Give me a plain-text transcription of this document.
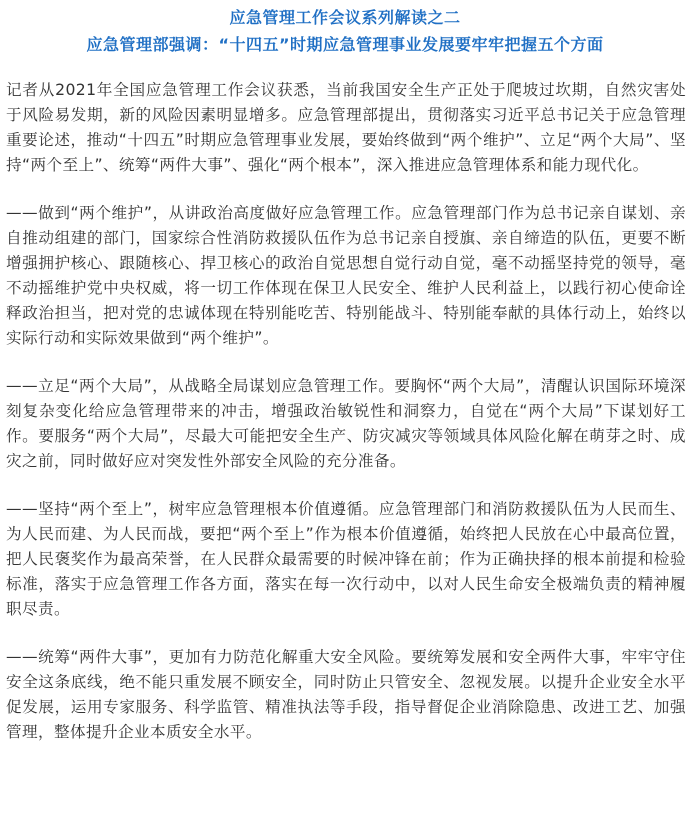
应急管理工作会议系列解读之二
应急管理部强调：“十四五”时期应急管理事业发展要牢牢把握五个方面

记者从2021年全国应急管理工作会议获悉，当前我国安全生产正处于爬坡过坎期，自然灾害处于风险易发期，新的风险因素明显增多。应急管理部提出，贯彻落实习近平总书记关于应急管理重要论述，推动“十四五”时期应急管理事业发展，要始终做到“两个维护”、立足“两个大局”、坚持“两个至上”、统筹“两件大事”、强化“两个根本”，深入推进应急管理体系和能力现代化。

——做到“两个维护”，从讲政治高度做好应急管理工作。应急管理部门作为总书记亲自谋划、亲自推动组建的部门，国家综合性消防救援队伍作为总书记亲自授旗、亲自缔造的队伍，更要不断增强拥护核心、跟随核心、捍卫核心的政治自觉思想自觉行动自觉，毫不动摇坚持党的领导，毫不动摇维护党中央权威，将一切工作体现在保卫人民安全、维护人民利益上，以践行初心使命诠释政治担当，把对党的忠诚体现在特别能吃苦、特别能战斗、特别能奉献的具体行动上，始终以实际行动和实际效果做到“两个维护”。

——立足“两个大局”，从战略全局谋划应急管理工作。要胸怀“两个大局”，清醒认识国际环境深刻复杂变化给应急管理带来的冲击，增强政治敏锐性和洞察力，自觉在“两个大局”下谋划好工作。要服务“两个大局”，尽最大可能把安全生产、防灾减灾等领域具体风险化解在萌芽之时、成灾之前，同时做好应对突发性外部安全风险的充分准备。

——坚持“两个至上”，树牢应急管理根本价值遵循。应急管理部门和消防救援队伍为人民而生、为人民而建、为人民而战，要把“两个至上”作为根本价值遵循，始终把人民放在心中最高位置，把人民褒奖作为最高荣誉，在人民群众最需要的时候冲锋在前；作为正确抉择的根本前提和检验标准，落实于应急管理工作各方面，落实在每一次行动中，以对人民生命安全极端负责的精神履职尽责。

——统筹“两件大事”，更加有力防范化解重大安全风险。要统筹发展和安全两件大事，牢牢守住安全这条底线，绝不能只重发展不顾安全，同时防止只管安全、忽视发展。以提升企业安全水平促发展，运用专家服务、科学监管、精准执法等手段，指导督促企业消除隐患、改进工艺、加强管理，整体提升企业本质安全水平。
